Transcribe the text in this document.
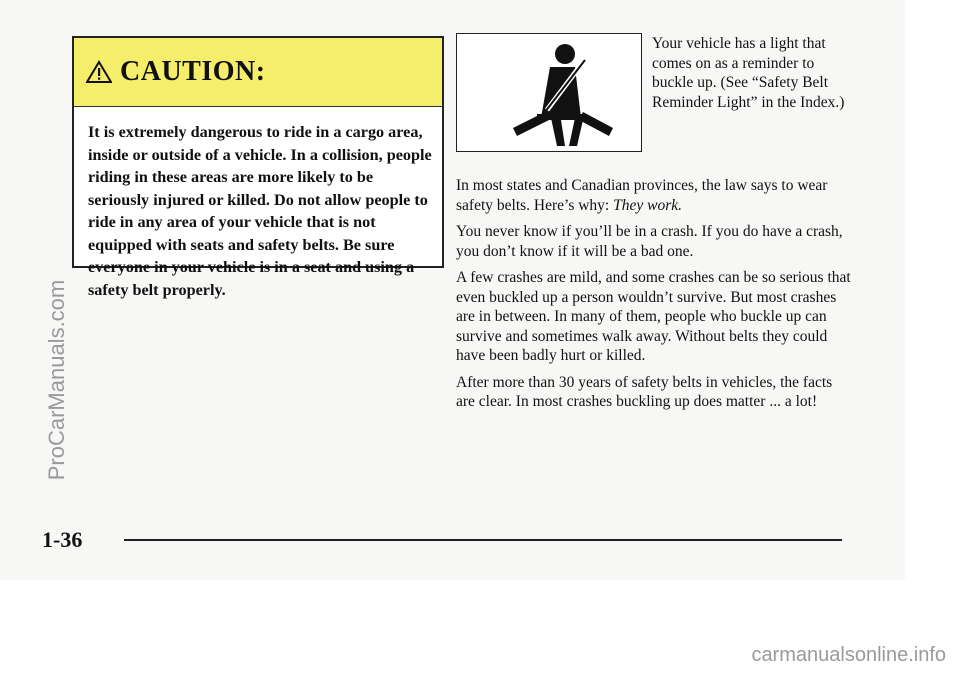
CAUTION:
It is extremely dangerous to ride in a cargo area, inside or outside of a vehicle. In a collision, people riding in these areas are more likely to be seriously injured or killed. Do not allow people to ride in any area of your vehicle that is not equipped with seats and safety belts. Be sure everyone in your vehicle is in a seat and using a safety belt properly.
Your vehicle has a light that comes on as a reminder to buckle up. (See “Safety Belt Reminder Light” in the Index.)

In most states and Canadian provinces, the law says to wear safety belts. Here’s why: They work.

You never know if you’ll be in a crash. If you do have a crash, you don’t know if it will be a bad one.

A few crashes are mild, and some crashes can be so serious that even buckled up a person wouldn’t survive. But most crashes are in between. In many of them, people who buckle up can survive and sometimes walk away. Without belts they could have been badly hurt or killed.

After more than 30 years of safety belts in vehicles, the facts are clear. In most crashes buckling up does matter ... a lot!

1-36
ProCarManuals.com
carmanualsonline.info
